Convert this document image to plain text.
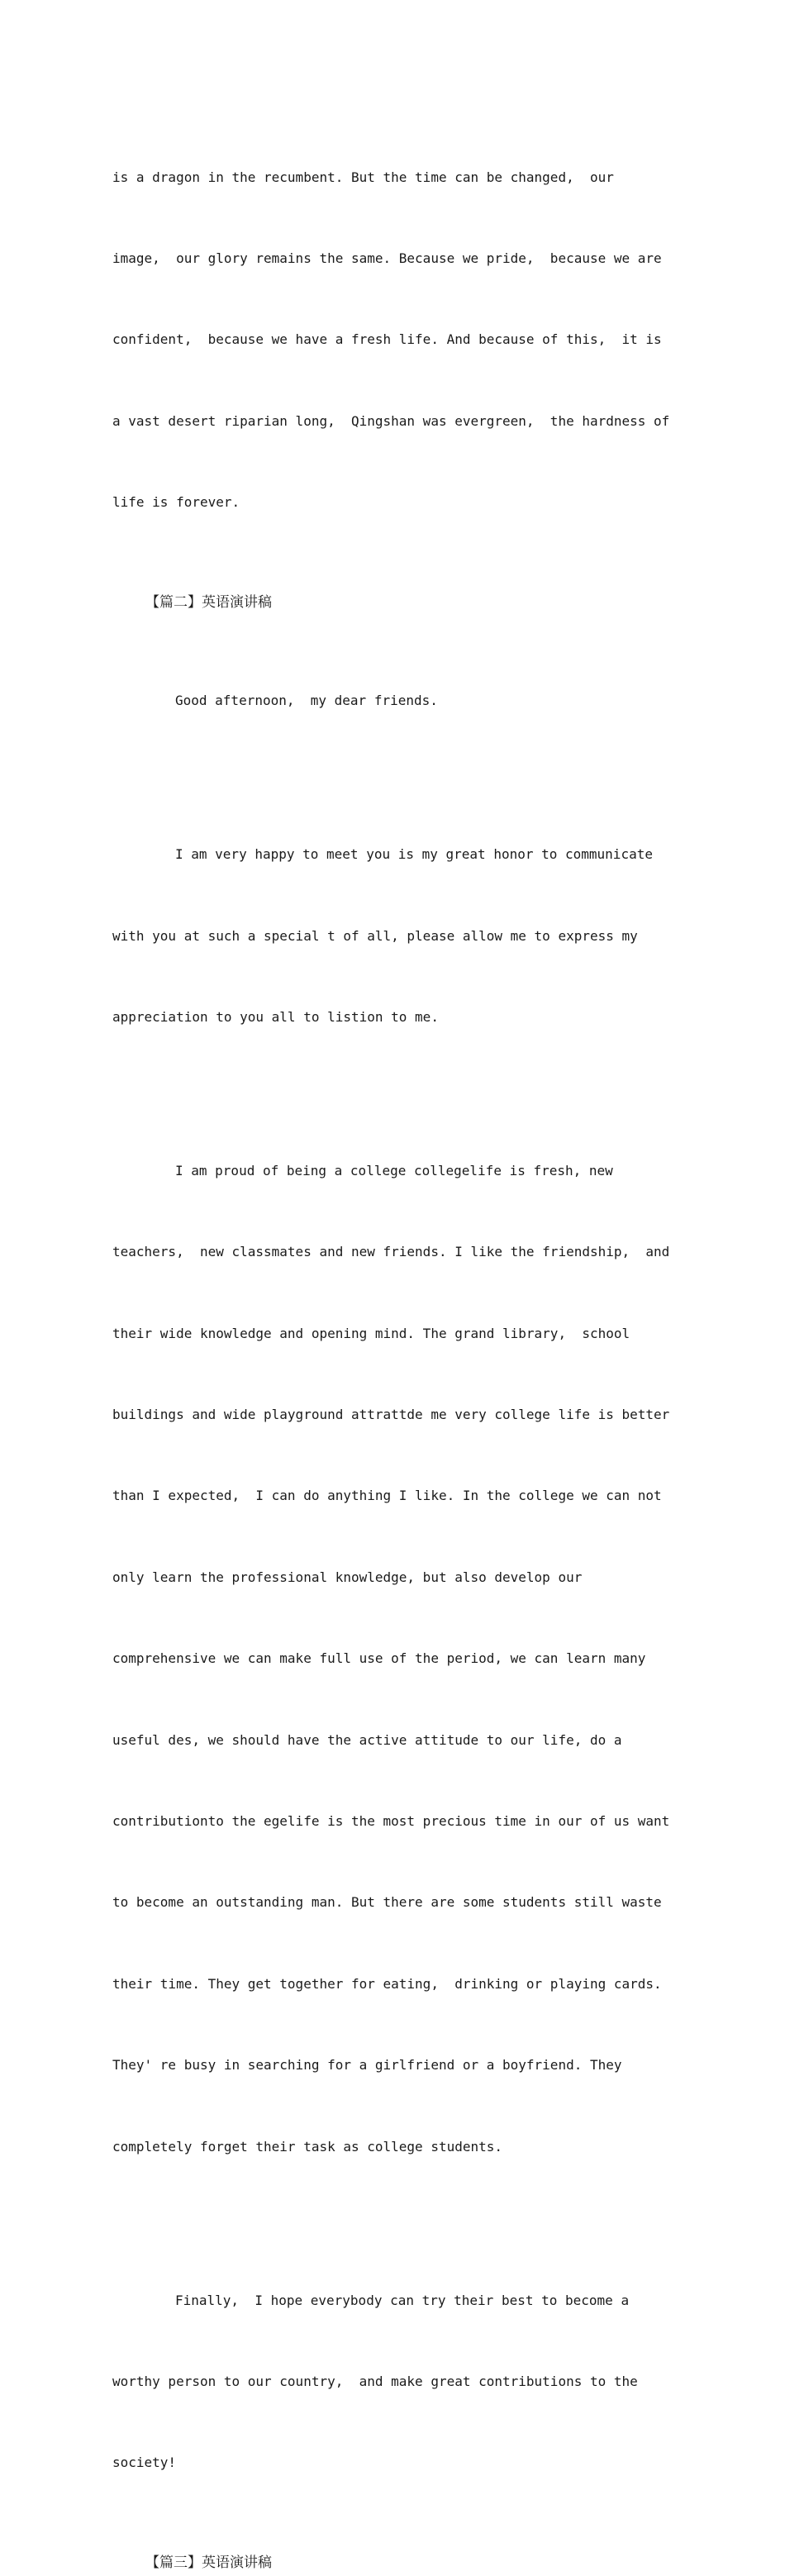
is a dragon in the recumbent. But the time can be changed,  our

image,  our glory remains the same. Because we pride,  because we are

confident,  because we have a fresh life. And because of this,  it is

a vast desert riparian long,  Qingshan was evergreen,  the hardness of

life is forever.

【篇二】英语演讲稿

Good afternoon,  my dear friends.

I am very happy to meet you is my great honor to communicate

with you at such a special t of all, please allow me to express my

appreciation to you all to listion to me.

I am proud of being a college collegelife is fresh, new

teachers,  new classmates and new friends. I like the friendship,  and

their wide knowledge and opening mind. The grand library,  school

buildings and wide playground attrattde me very college life is better

than I expected,  I can do anything I like. In the college we can not

only learn the professional knowledge, but also develop our

comprehensive we can make full use of the period, we can learn many

useful des, we should have the active attitude to our life, do a

contributionto the egelife is the most precious time in our of us want

to become an outstanding man. But there are some students still waste

their time. They get together for eating,  drinking or playing cards.

They' re busy in searching for a girlfriend or a boyfriend. They

completely forget their task as college students.

Finally,  I hope everybody can try their best to become a

worthy person to our country,  and make great contributions to the

society!

【篇三】英语演讲稿
